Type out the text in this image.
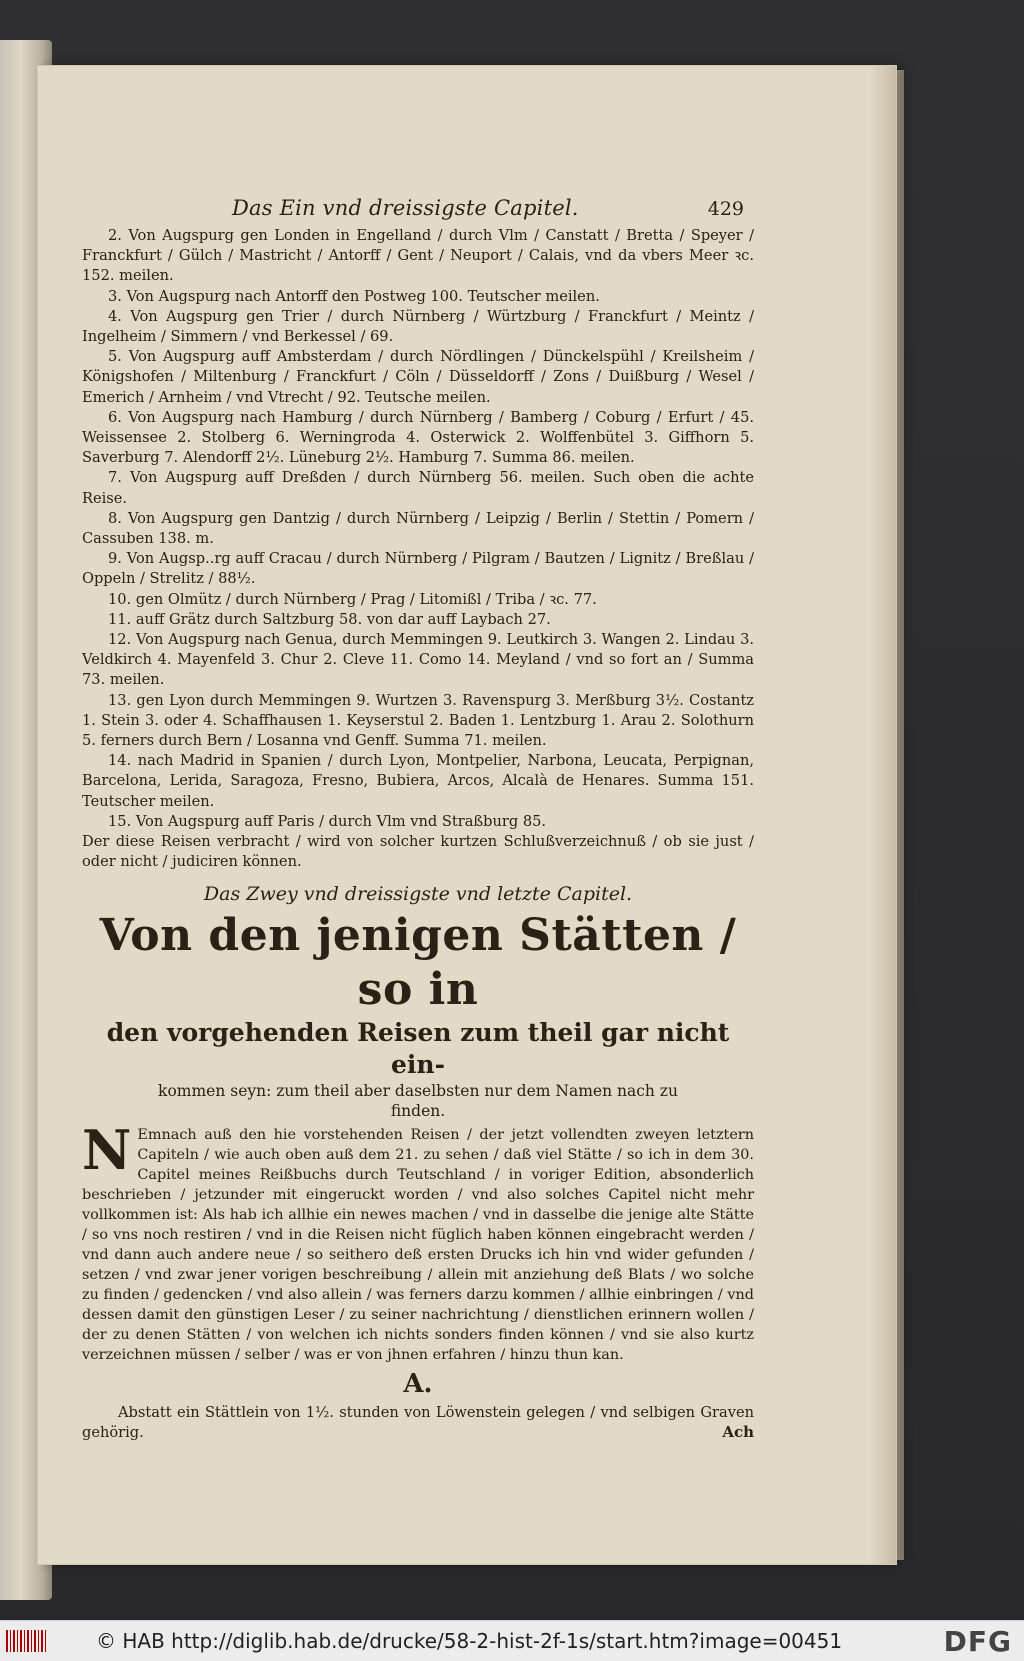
Das Ein vnd dreissigste Capitel.	429

2. Von Augspurg gen Londen in Engelland / durch Vlm / Canstatt / Bretta / Speyer / Franckfurt / Gülch / Mastricht / Antorff / Gent / Neuport / Calais, vnd da vbers Meer ꝛc. 152. meilen.

3. Von Augspurg nach Antorff den Postweg 100. Teutscher meilen.

4. Von Augspurg gen Trier / durch Nürnberg / Würtzburg / Franckfurt / Meintz / Ingelheim / Simmern / vnd Berkessel / 69.

5. Von Augspurg auff Ambsterdam / durch Nördlingen / Dünckelspühl / Kreilsheim / Königshofen / Miltenburg / Franckfurt / Cöln / Düsseldorff / Zons / Duißburg / Wesel / Emerich / Arnheim / vnd Vtrecht / 92. Teutsche meilen.

6. Von Augspurg nach Hamburg / durch Nürnberg / Bamberg / Coburg / Erfurt / 45. Weissensee 2. Stolberg 6. Werningroda 4. Osterwick 2. Wolffenbütel 3. Giffhorn 5. Saverburg 7. Alendorff 2½. Lüneburg 2½. Hamburg 7. Summa 86. meilen.

7. Von Augspurg auff Dreßden / durch Nürnberg 56. meilen. Such oben die achte Reise.

8. Von Augspurg gen Dantzig / durch Nürnberg / Leipzig / Berlin / Stettin / Pomern / Cassuben 138. m.

9. Von Augsp..rg auff Cracau / durch Nürnberg / Pilgram / Bautzen / Lignitz / Breßlau / Oppeln / Strelitz / 88½.

10. gen Olmütz / durch Nürnberg / Prag / Litomißl / Triba / ꝛc. 77.

11. auff Grätz durch Saltzburg 58. von dar auff Laybach 27.

12. Von Augspurg nach Genua, durch Memmingen 9. Leutkirch 3. Wangen 2. Lindau 3. Veldkirch 4. Mayenfeld 3. Chur 2. Cleve 11. Como 14. Meyland / vnd so fort an / Summa 73. meilen.

13. gen Lyon durch Memmingen 9. Wurtzen 3. Ravenspurg 3. Merßburg 3½. Costantz 1. Stein 3. oder 4. Schaffhausen 1. Keyserstul 2. Baden 1. Lentzburg 1. Arau 2. Solothurn 5. ferners durch Bern / Losanna vnd Genff. Summa 71. meilen.

14. nach Madrid in Spanien / durch Lyon, Montpelier, Narbona, Leucata, Perpignan, Barcelona, Lerida, Saragoza, Fresno, Bubiera, Arcos, Alcalà de Henares. Summa 151. Teutscher meilen.

15. Von Augspurg auff Paris / durch Vlm vnd Straßburg 85.

Der diese Reisen verbracht / wird von solcher kurtzen Schlußverzeichnuß / ob sie just / oder nicht / judiciren können.

Das Zwey vnd dreissigste vnd letzte Capitel.
Von den jenigen Stätten / so in
den vorgehenden Reisen zum theil gar nicht ein-
kommen seyn: zum theil aber daselbsten nur dem Namen nach zu finden.
N Emnach auß den hie vorstehenden Reisen / der jetzt vollendten zweyen letztern Capiteln / wie auch oben auß dem 21. zu sehen / daß viel Stätte / so ich in dem 30. Capitel meines Reißbuchs durch Teutschland / in voriger Edition, absonderlich beschrieben / jetzunder mit eingeruckt worden / vnd also solches Capitel nicht mehr vollkommen ist: Als hab ich allhie ein newes machen / vnd in dasselbe die jenige alte Stätte / so vns noch restiren / vnd in die Reisen nicht füglich haben können eingebracht werden / vnd dann auch andere neue / so seithero deß ersten Drucks ich hin vnd wider gefunden / setzen / vnd zwar jener vorigen beschreibung / allein mit anziehung deß Blats / wo solche zu finden / gedencken / vnd also allein / was ferners darzu kommen / allhie einbringen / vnd dessen damit den günstigen Leser / zu seiner nachrichtung / dienstlichen erinnern wollen / der zu denen Stätten / von welchen ich nichts sonders finden können / vnd sie also kurtz verzeichnen müssen / selber / was er von jhnen erfahren / hinzu thun kan.
A.

Abstatt ein Stättlein von 1½. stunden von Löwenstein gelegen / vnd selbigen Graven gehörig.	Ach
© HAB http://diglib.hab.de/drucke/58-2-hist-2f-1s/start.htm?image=00451	DFG
